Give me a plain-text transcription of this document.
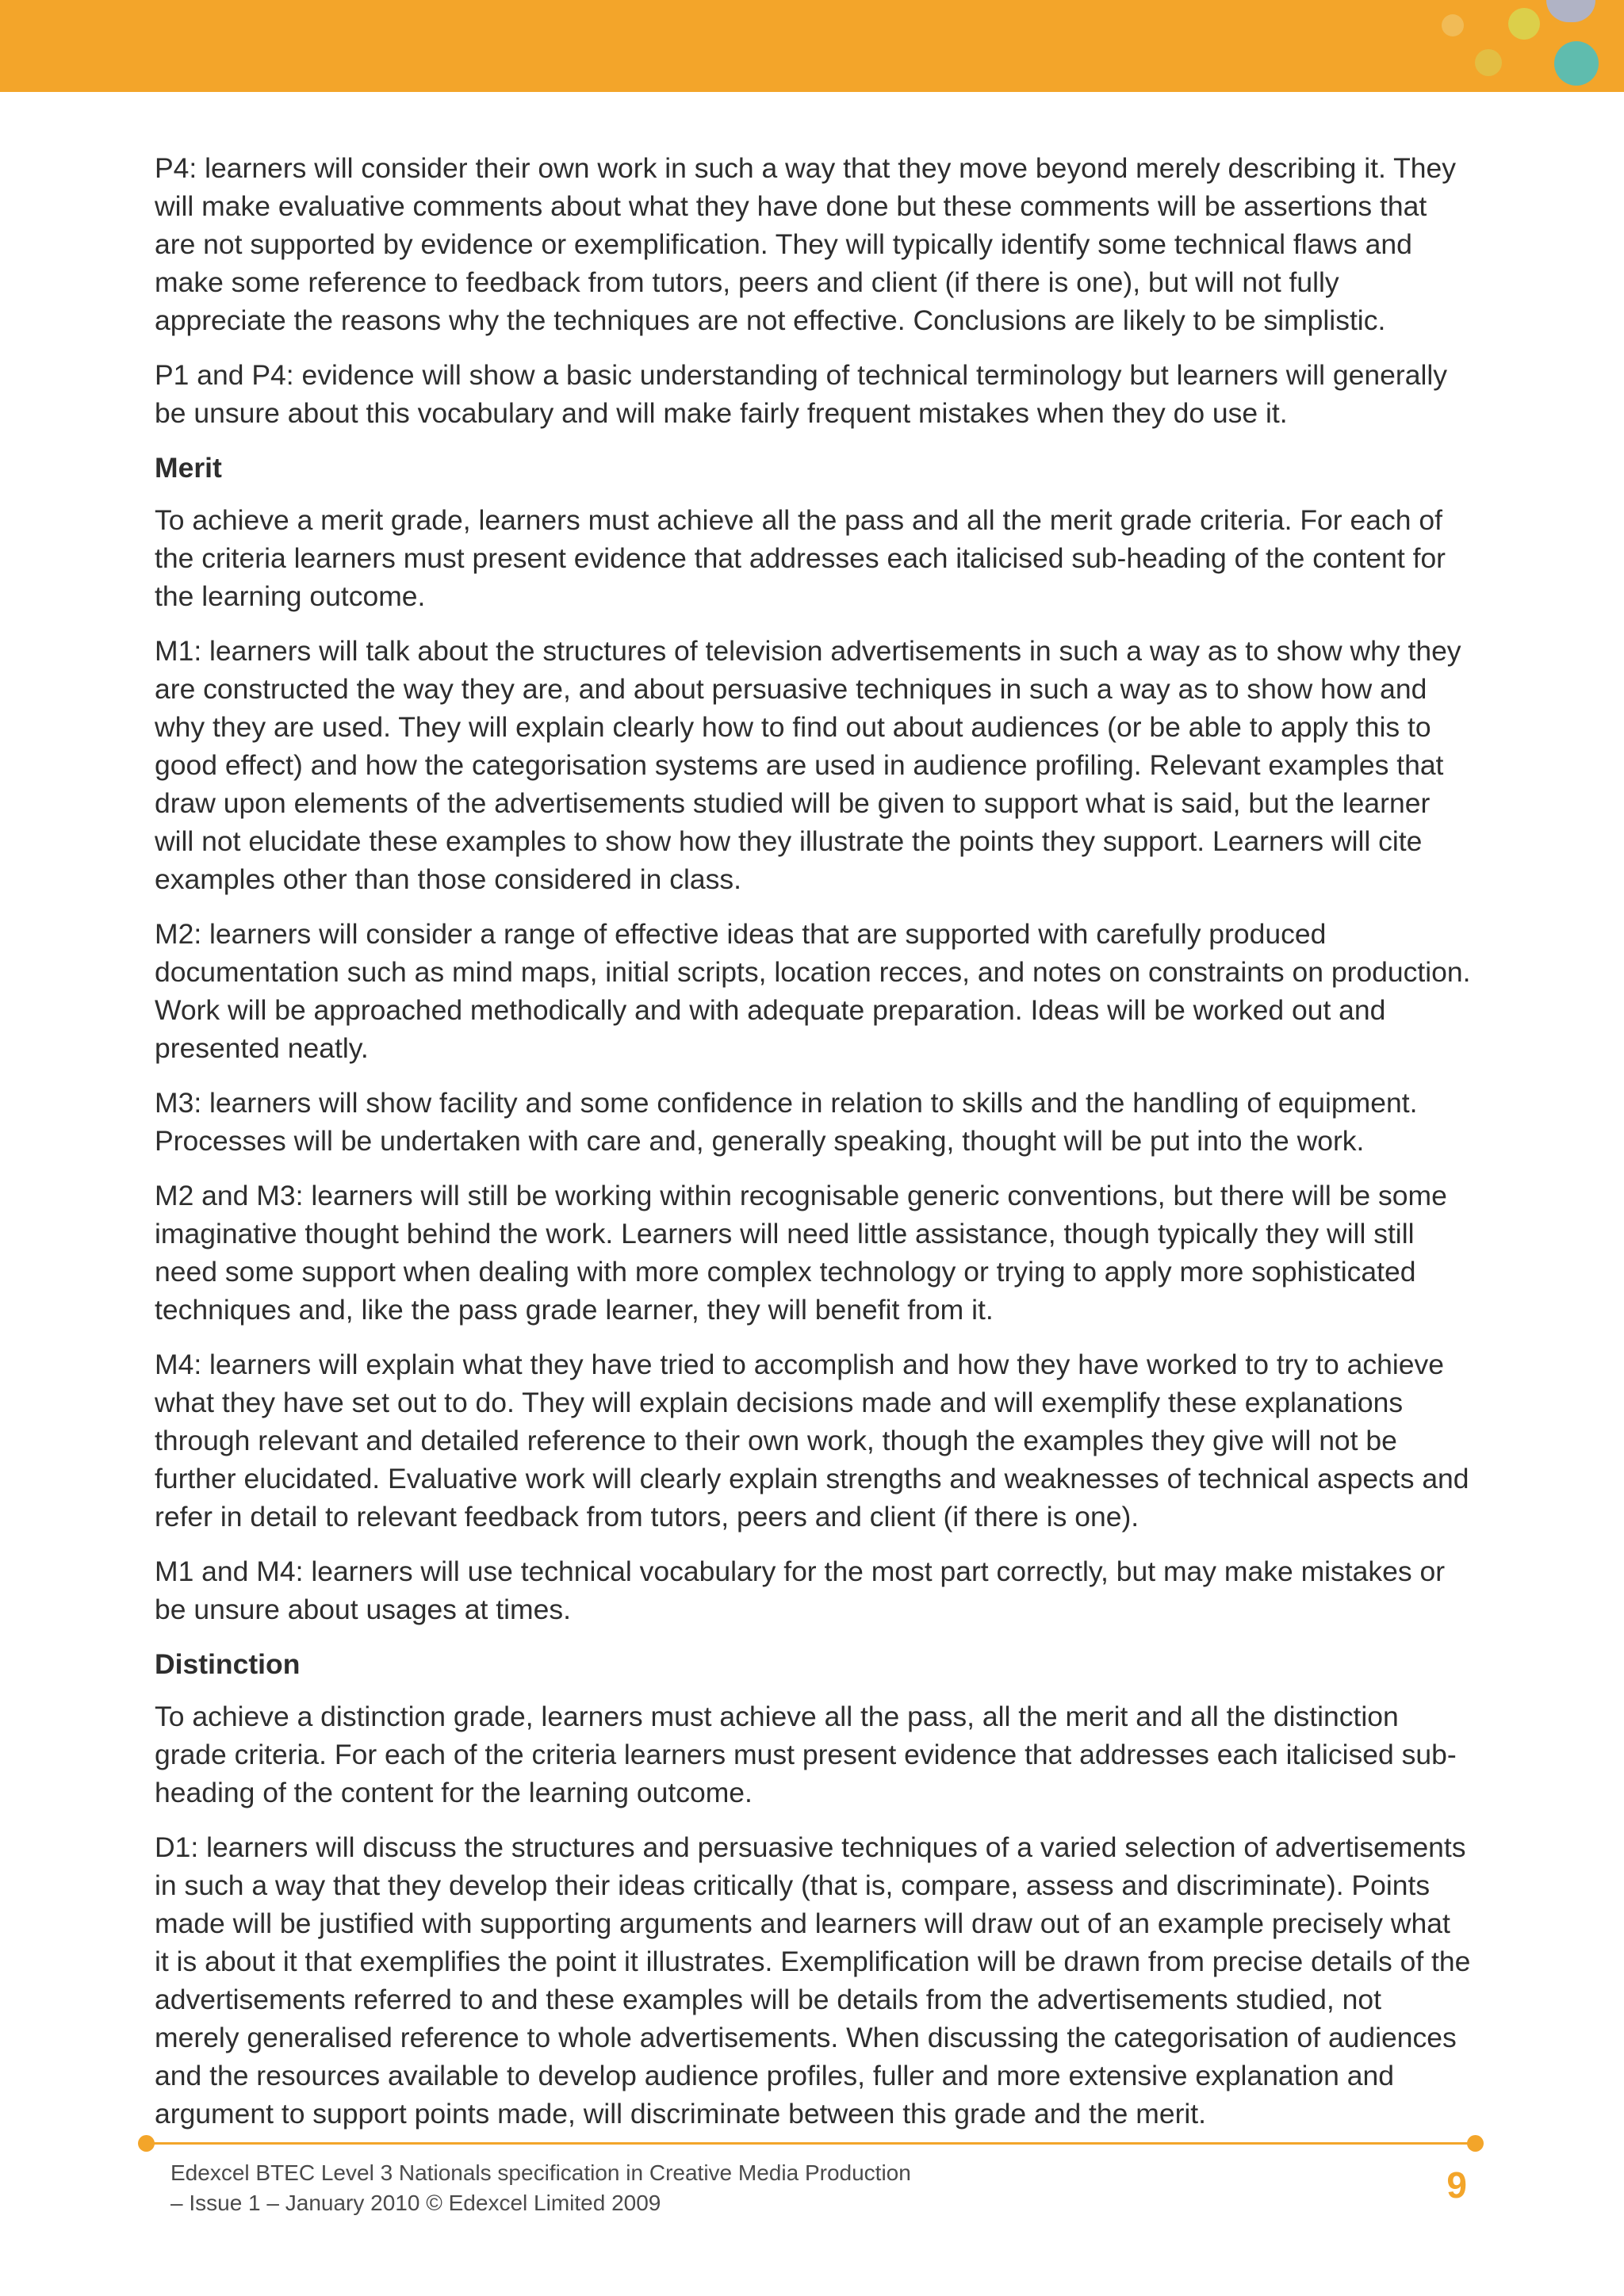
P4: learners will consider their own work in such a way that they move beyond merely describing it. They will make evaluative comments about what they have done but these comments will be assertions that are not supported by evidence or exemplification. They will typically identify some technical flaws and make some reference to feedback from tutors, peers and client (if there is one), but will not fully appreciate the reasons why the techniques are not effective. Conclusions are likely to be simplistic.

P1 and P4: evidence will show a basic understanding of technical terminology but learners will generally be unsure about this vocabulary and will make fairly frequent mistakes when they do use it.

Merit

To achieve a merit grade, learners must achieve all the pass and all the merit grade criteria. For each of the criteria learners must present evidence that addresses each italicised sub-heading of the content for the learning outcome.

M1: learners will talk about the structures of television advertisements in such a way as to show why they are constructed the way they are, and about persuasive techniques in such a way as to show how and why they are used. They will explain clearly how to find out about audiences (or be able to apply this to good effect) and how the categorisation systems are used in audience profiling. Relevant examples that draw upon elements of the advertisements studied will be given to support what is said, but the learner will not elucidate these examples to show how they illustrate the points they support. Learners will cite examples other than those considered in class.

M2: learners will consider a range of effective ideas that are supported with carefully produced documentation such as mind maps, initial scripts, location recces, and notes on constraints on production. Work will be approached methodically and with adequate preparation. Ideas will be worked out and presented neatly.

M3: learners will show facility and some confidence in relation to skills and the handling of equipment. Processes will be undertaken with care and, generally speaking, thought will be put into the work.

M2 and M3: learners will still be working within recognisable generic conventions, but there will be some imaginative thought behind the work. Learners will need little assistance, though typically they will still need some support when dealing with more complex technology or trying to apply more sophisticated techniques and, like the pass grade learner, they will benefit from it.

M4: learners will explain what they have tried to accomplish and how they have worked to try to achieve what they have set out to do. They will explain decisions made and will exemplify these explanations through relevant and detailed reference to their own work, though the examples they give will not be further elucidated. Evaluative work will clearly explain strengths and weaknesses of technical aspects and refer in detail to relevant feedback from tutors, peers and client (if there is one).

M1 and M4: learners will use technical vocabulary for the most part correctly, but may make mistakes or be unsure about usages at times.

Distinction

To achieve a distinction grade, learners must achieve all the pass, all the merit and all the distinction grade criteria. For each of the criteria learners must present evidence that addresses each italicised sub-heading of the content for the learning outcome.

D1: learners will discuss the structures and persuasive techniques of a varied selection of advertisements in such a way that they develop their ideas critically (that is, compare, assess and discriminate). Points made will be justified with supporting arguments and learners will draw out of an example precisely what it is about it that exemplifies the point it illustrates. Exemplification will be drawn from precise details of the advertisements referred to and these examples will be details from the advertisements studied, not merely generalised reference to whole advertisements. When discussing the categorisation of audiences and the resources available to develop audience profiles, fuller and more extensive explanation and argument to support points made, will discriminate between this grade and the merit.

Edexcel BTEC Level 3 Nationals specification in Creative Media Production
– Issue 1 – January 2010 © Edexcel Limited 2009	9
